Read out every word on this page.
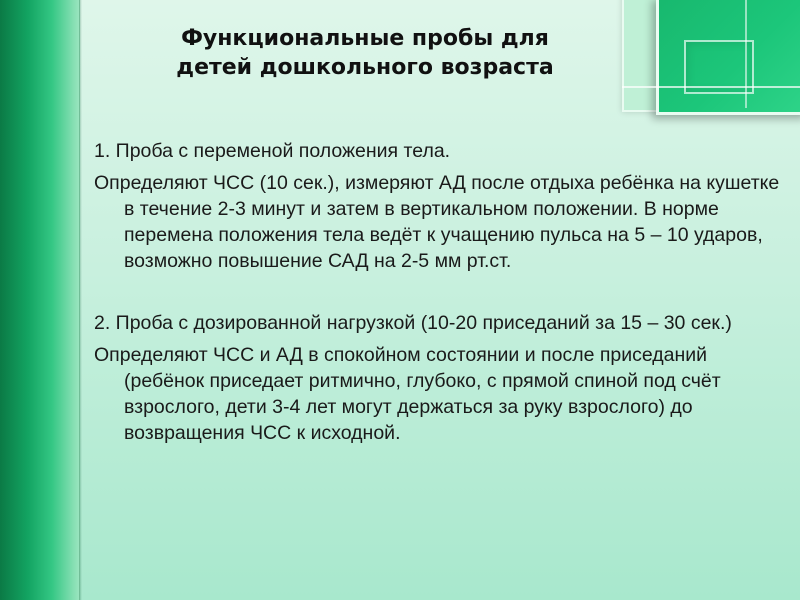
Функциональные пробы для
детей дошкольного возраста

1. Проба с переменой положения тела.

Определяют ЧСС (10 сек.), измеряют АД после отдыха ребёнка на кушетке в течение 2-3 минут и затем в вертикальном положении. В норме перемена положения тела ведёт к учащению пульса на 5 – 10 ударов, возможно повышение САД на 2-5 мм рт.ст.

2. Проба с дозированной нагрузкой (10-20 приседаний за 15 – 30 сек.)

Определяют ЧСС и АД в спокойном состоянии и после приседаний (ребёнок приседает ритмично, глубоко, с прямой спиной под счёт взрослого, дети 3-4 лет могут держаться за руку взрослого) до возвращения ЧСС к исходной.
